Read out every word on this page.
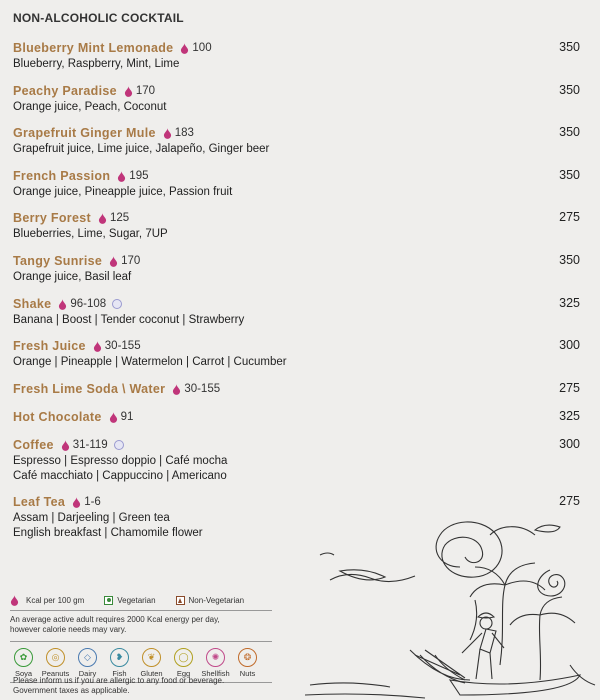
NON-ALCOHOLIC COCKTAIL
Blueberry Mint Lemonade 100	350
Blueberry, Raspberry, Mint, Lime
Peachy Paradise 170	350
Orange juice, Peach, Coconut
Grapefruit Ginger Mule 183	350
Grapefruit juice, Lime juice, Jalapeño, Ginger beer
French Passion 195	350
Orange juice, Pineapple juice, Passion fruit
Berry Forest 125	275
Blueberries, Lime, Sugar, 7UP
Tangy Sunrise 170	350
Orange juice, Basil leaf
Shake 96-108	325
Banana | Boost | Tender coconut | Strawberry
Fresh Juice 30-155	300
Orange | Pineapple | Watermelon | Carrot | Cucumber
Fresh Lime Soda \ Water 30-155	275
Hot Chocolate 91	325
Coffee 31-119	300
Espresso | Espresso doppio | Café mocha
Café macchiato | Cappuccino | Americano
Leaf Tea 1-6	275
Assam | Darjeeling | Green tea
English breakfast | Chamomile flower
Kcal per 100 gm	Vegetarian	Non-Vegetarian
An average active adult requires 2000 Kcal energy per day,
however calorie needs may vary.
✿
Soya
◎
Peanuts
◇
Dairy
❥
Fish
❦
Gluten
◯
Egg
✺
Shellfish
❂
Nuts
Please inform us if you are allergic to any food or beverage.
Government taxes as applicable.
